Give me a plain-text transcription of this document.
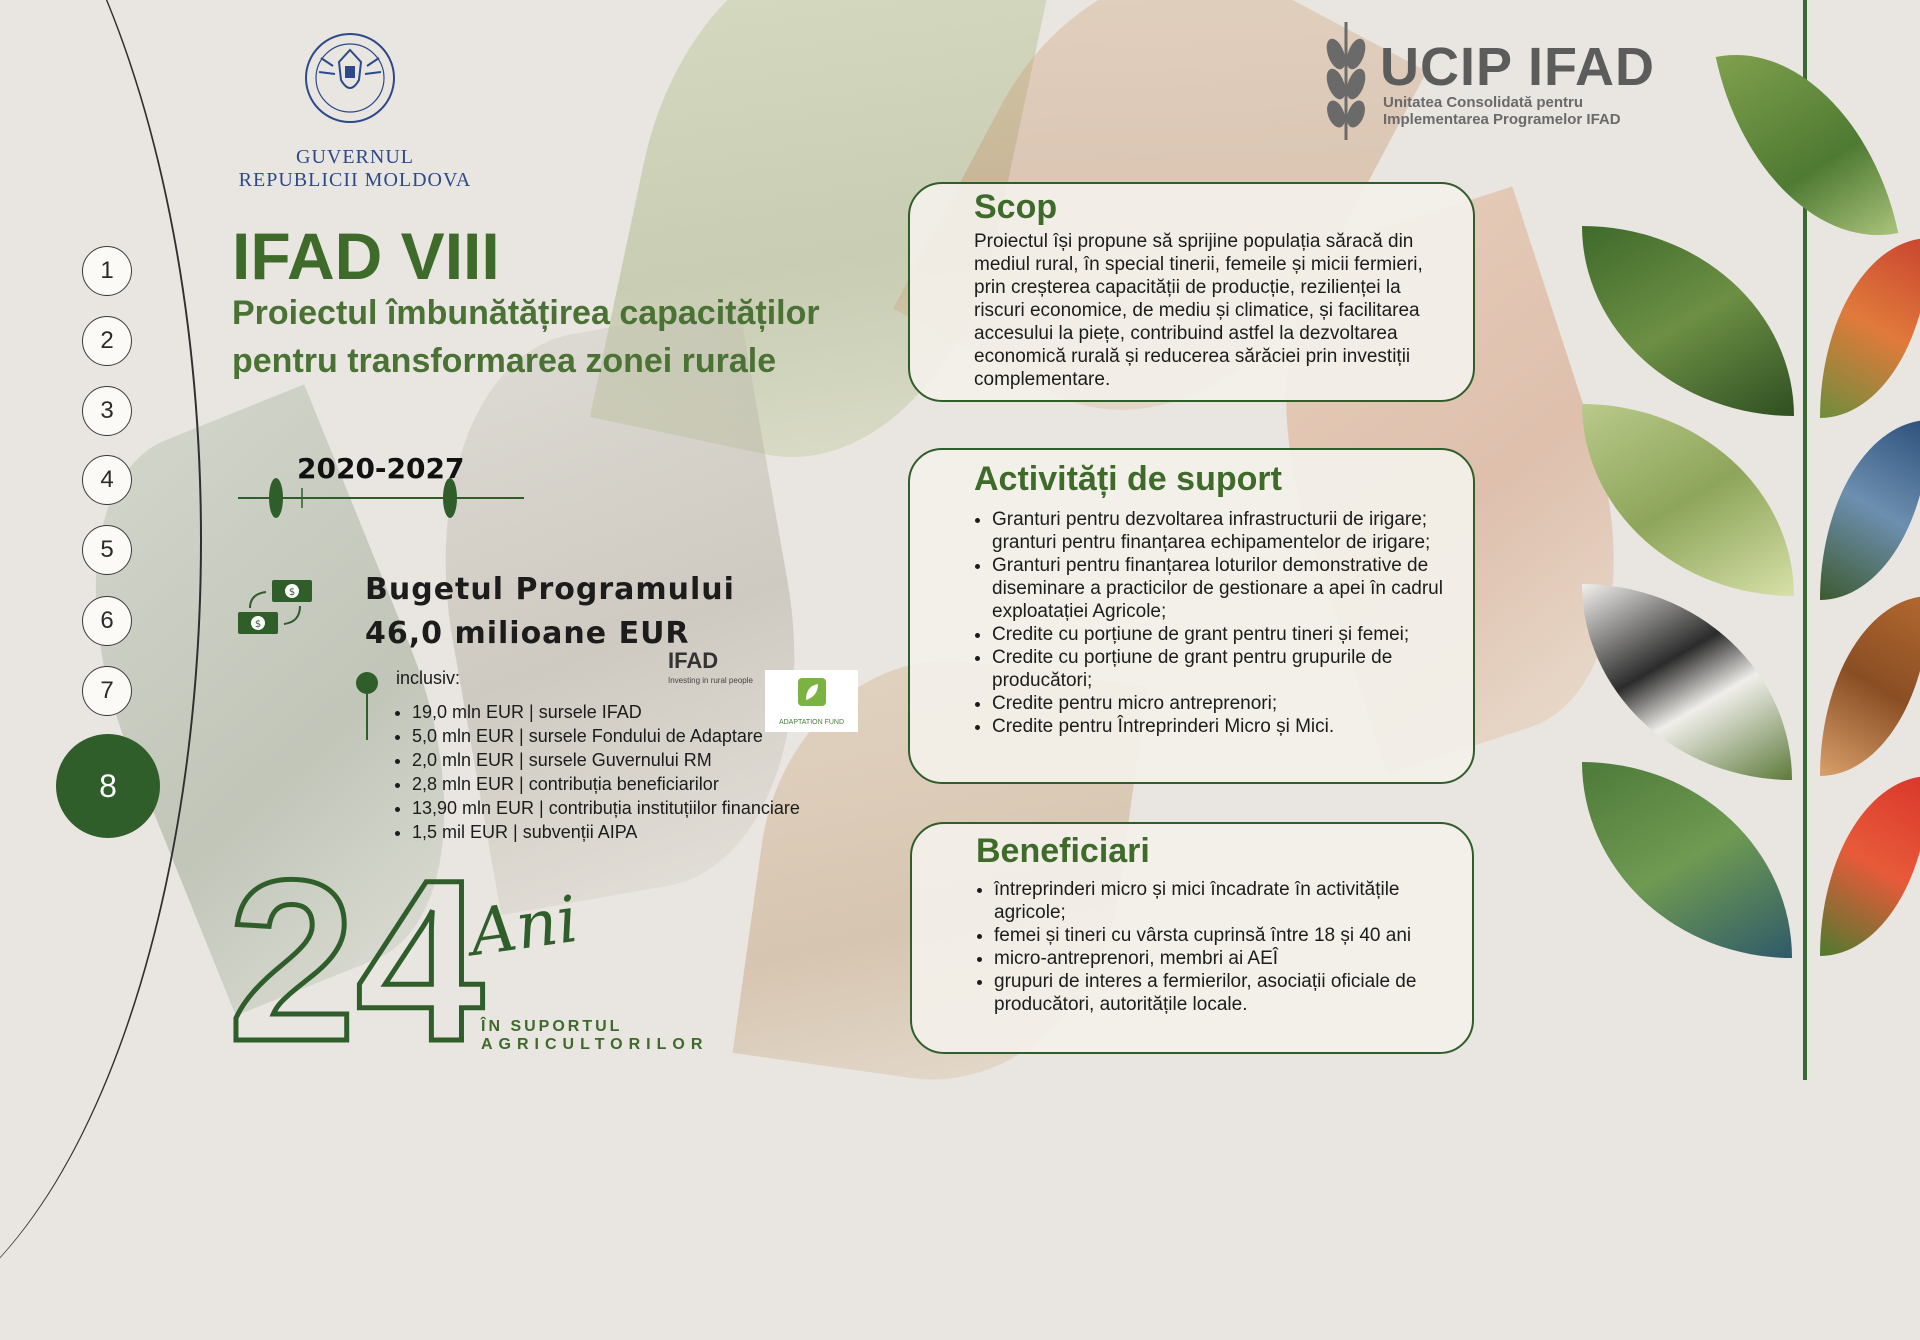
1
2
3
4
5
6
7
8
GUVERNUL
REPUBLICII MOLDOVA
UCIP IFAD
Unitatea Consolidată pentru
Implementarea Programelor IFAD
IFAD VIII
Proiectul îmbunătățirea capacităților
pentru transformarea zonei rurale
2020-2027
$
$
Bugetul Programului
46,0 milioane EUR
inclusiv:
• 19,0 mln EUR | sursele IFAD
• 5,0 mln EUR | sursele Fondului de Adaptare
• 2,0 mln EUR | sursele Guvernului RM
• 2,8 mln EUR | contribuția beneficiarilor
• 13,90 mln EUR | contribuția instituțiilor financiare
• 1,5 mil EUR | subvenții AIPA
IFAD
Investing in rural people
ADAPTATION FUND
24
Ani
ÎN SUPORTUL
AGRICULTORILOR
Scop

Proiectul își propune să sprijine populația săracă din mediul rural, în special tinerii, femeile și micii fermieri, prin creșterea capacității de producție, rezilienței la riscuri economice, de mediu și climatice, și facilitarea accesului la piețe, contribuind astfel la dezvoltarea economică rurală și reducerea sărăciei prin investiții complementare.

Activități de suport
• Granturi pentru dezvoltarea infrastructurii de irigare; granturi pentru finanțarea echipamentelor de irigare;
• Granturi pentru finanțarea loturilor demonstrative de diseminare a practicilor de gestionare a apei în cadrul exploatației Agricole;
• Credite cu porțiune de grant pentru tineri și femei;
• Credite cu porțiune de grant pentru grupurile de producători;
• Credite pentru micro antreprenori;
• Credite pentru Întreprinderi Micro și Mici.
Beneficiari
• întreprinderi micro și mici încadrate în activitățile agricole;
• femei și tineri cu vârsta cuprinsă între 18 și 40 ani
• micro-antreprenori, membri ai AEÎ
• grupuri de interes a fermierilor, asociații oficiale de producători, autoritățile locale.
